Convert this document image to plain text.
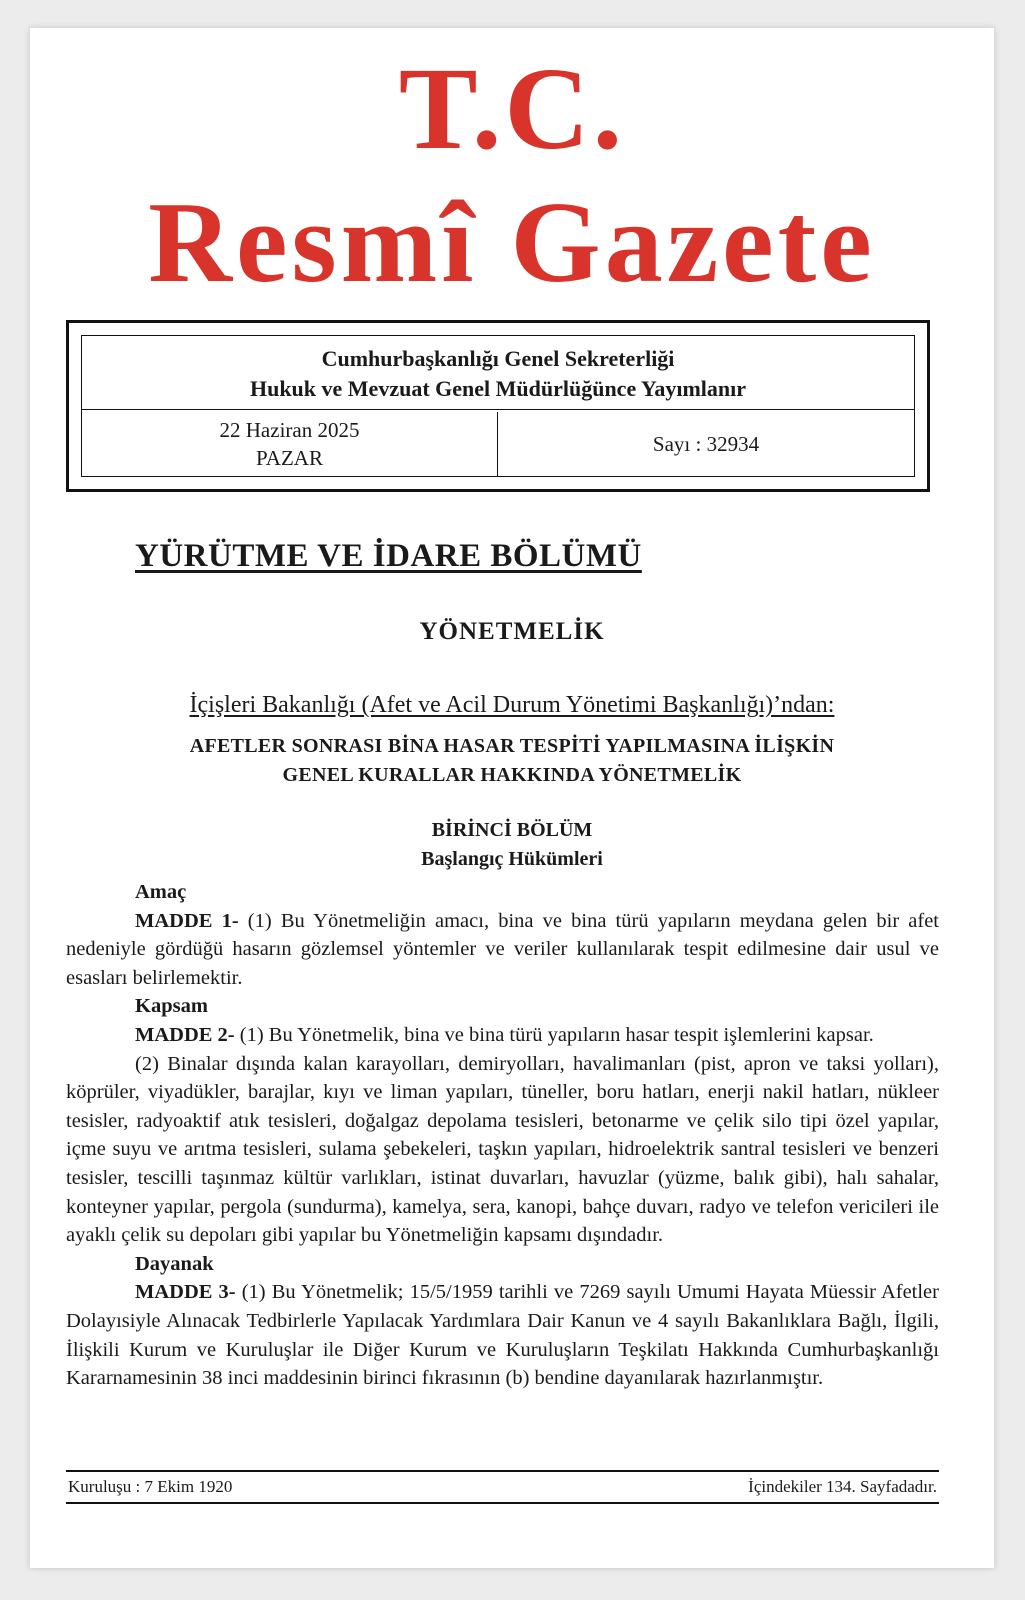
T.C.
Resmî Gazete
Cumhurbaşkanlığı Genel Sekreterliği
Hukuk ve Mevzuat Genel Müdürlüğünce Yayımlanır
22 Haziran 2025
PAZAR
Sayı : 32934
YÜRÜTME VE İDARE BÖLÜMÜ
YÖNETMELİK
İçişleri Bakanlığı (Afet ve Acil Durum Yönetimi Başkanlığı)’ndan:
AFETLER SONRASI BİNA HASAR TESPİTİ YAPILMASINA İLİŞKİN
GENEL KURALLAR HAKKINDA YÖNETMELİK
BİRİNCİ BÖLÜM
Başlangıç Hükümleri

Amaç

MADDE 1- (1) Bu Yönetmeliğin amacı, bina ve bina türü yapıların meydana gelen bir afet nedeniyle gördüğü hasarın gözlemsel yöntemler ve veriler kullanılarak tespit edilmesine dair usul ve esasları belirlemektir.

Kapsam

MADDE 2- (1) Bu Yönetmelik, bina ve bina türü yapıların hasar tespit işlemlerini kapsar.

(2) Binalar dışında kalan karayolları, demiryolları, havalimanları (pist, apron ve taksi yolları), köprüler, viyadükler, barajlar, kıyı ve liman yapıları, tüneller, boru hatları, enerji nakil hatları, nükleer tesisler, radyoaktif atık tesisleri, doğalgaz depolama tesisleri, betonarme ve çelik silo tipi özel yapılar, içme suyu ve arıtma tesisleri, sulama şebekeleri, taşkın yapıları, hidroelektrik santral tesisleri ve benzeri tesisler, tescilli taşınmaz kültür varlıkları, istinat duvarları, havuzlar (yüzme, balık gibi), halı sahalar, konteyner yapılar, pergola (sundurma), kamelya, sera, kanopi, bahçe duvarı, radyo ve telefon vericileri ile ayaklı çelik su depoları gibi yapılar bu Yönetmeliğin kapsamı dışındadır.

Dayanak

MADDE 3- (1) Bu Yönetmelik; 15/5/1959 tarihli ve 7269 sayılı Umumi Hayata Müessir Afetler Dolayısiyle Alınacak Tedbirlerle Yapılacak Yardımlara Dair Kanun ve 4 sayılı Bakanlıklara Bağlı, İlgili, İlişkili Kurum ve Kuruluşlar ile Diğer Kurum ve Kuruluşların Teşkilatı Hakkında Cumhurbaşkanlığı Kararnamesinin 38 inci maddesinin birinci fıkrasının (b) bendine dayanılarak hazırlanmıştır.

Kuruluşu : 7 Ekim 1920	İçindekiler 134. Sayfadadır.
